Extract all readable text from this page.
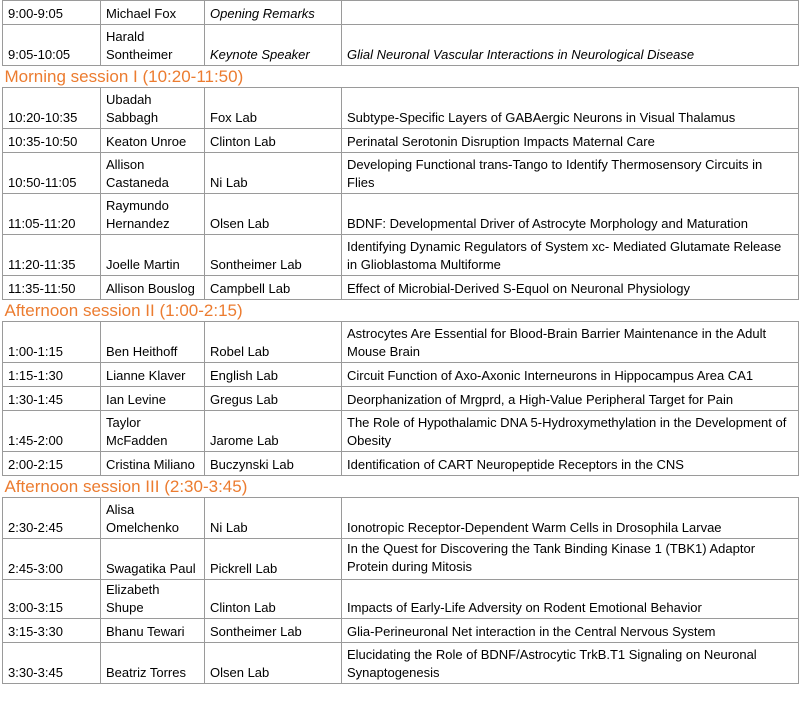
9:00-9:05	Michael Fox	Opening Remarks	
9:05-10:05	Harald Sontheimer	Keynote Speaker	Glial Neuronal Vascular Interactions in Neurological Disease
Morning session I (10:20-11:50)			
10:20-10:35	Ubadah Sabbagh	Fox Lab	Subtype-Specific Layers of GABAergic Neurons in Visual Thalamus
10:35-10:50	Keaton Unroe	Clinton Lab	Perinatal Serotonin Disruption Impacts Maternal Care
10:50-11:05	Allison Castaneda	Ni Lab	Developing Functional trans-Tango to Identify Thermosensory Circuits in Flies
11:05-11:20	Raymundo Hernandez	Olsen Lab	BDNF: Developmental Driver of Astrocyte Morphology and Maturation
11:20-11:35	Joelle Martin	Sontheimer Lab	Identifying Dynamic Regulators of System xc- Mediated Glutamate Release in Glioblastoma Multiforme
11:35-11:50	Allison Bouslog	Campbell Lab	Effect of Microbial-Derived S-Equol on Neuronal Physiology
Afternoon session II (1:00-2:15)			
1:00-1:15	Ben Heithoff	Robel Lab	Astrocytes Are Essential for Blood-Brain Barrier Maintenance in the Adult Mouse Brain
1:15-1:30	Lianne Klaver	English Lab	Circuit Function of Axo-Axonic Interneurons in Hippocampus Area CA1
1:30-1:45	Ian Levine	Gregus Lab	Deorphanization of Mrgprd, a High-Value Peripheral Target for Pain
1:45-2:00	Taylor McFadden	Jarome Lab	The Role of Hypothalamic DNA 5-Hydroxymethylation in the Development of Obesity
2:00-2:15	Cristina Miliano	Buczynski Lab	Identification of CART Neuropeptide Receptors in the CNS
Afternoon session III (2:30-3:45)			
2:30-2:45	Alisa Omelchenko	Ni Lab	Ionotropic Receptor-Dependent Warm Cells in Drosophila Larvae
2:45-3:00	Swagatika Paul	Pickrell Lab	In the Quest for Discovering the Tank Binding Kinase 1 (TBK1) Adaptor Protein during Mitosis
3:00-3:15	Elizabeth Shupe	Clinton Lab	Impacts of Early-Life Adversity on Rodent Emotional Behavior
3:15-3:30	Bhanu Tewari	Sontheimer Lab	Glia-Perineuronal Net interaction in the Central Nervous System
3:30-3:45	Beatriz Torres	Olsen Lab	Elucidating the Role of BDNF/Astrocytic TrkB.T1 Signaling on Neuronal Synaptogenesis
